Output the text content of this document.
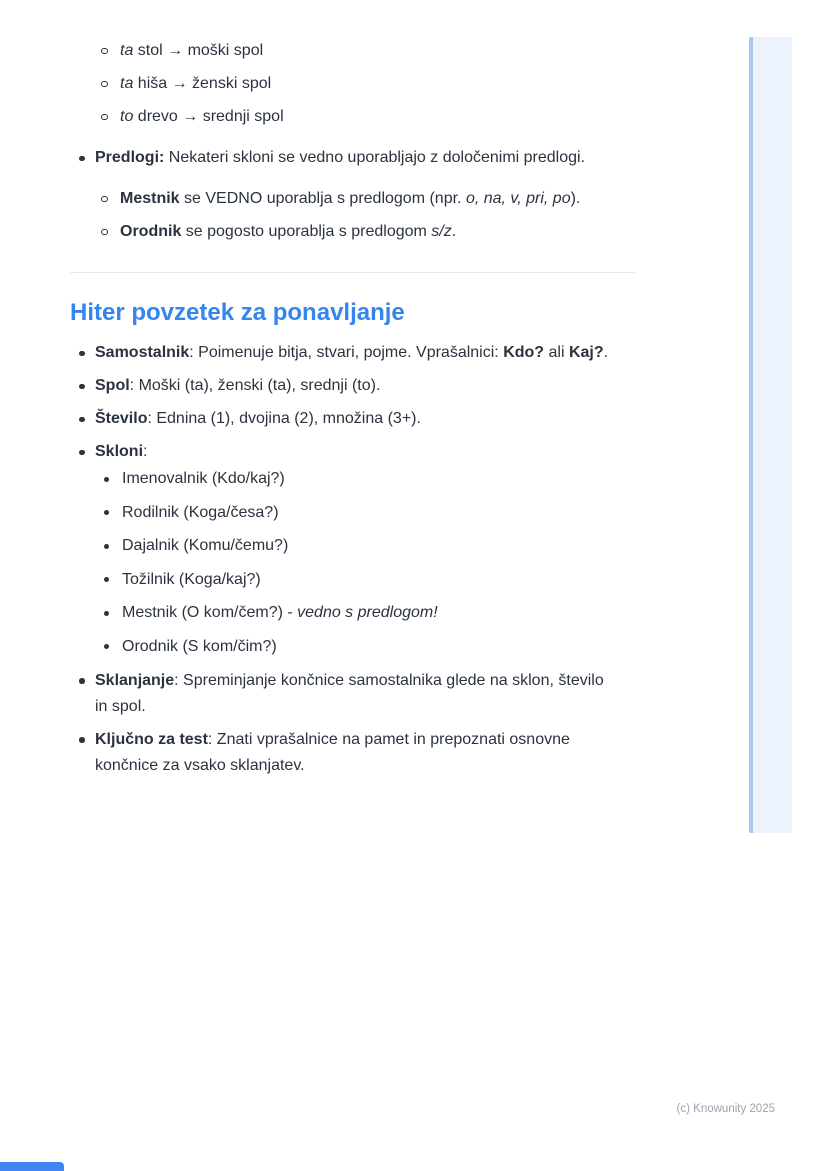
ta stol → moški spol
ta hiša → ženski spol
to drevo → srednji spol
Predlogi: Nekateri skloni se vedno uporabljajo z določenimi predlogi.
Mestnik se VEDNO uporablja s predlogom (npr. o, na, v, pri, po).
Orodnik se pogosto uporablja s predlogom s/z.
Hiter povzetek za ponavljanje
Samostalnik: Poimenuje bitja, stvari, pojme. Vprašalnici: Kdo? ali Kaj?.
Spol: Moški (ta), ženski (ta), srednji (to).
Število: Ednina (1), dvojina (2), množina (3+).
Skloni:
Imenovalnik (Kdo/kaj?)
Rodilnik (Koga/česa?)
Dajalnik (Komu/čemu?)
Tožilnik (Koga/kaj?)
Mestnik (O kom/čem?) - vedno s predlogom!
Orodnik (S kom/čim?)
Sklanjanje: Spreminjanje končnice samostalnika glede na sklon, število
in spol.
Ključno za test: Znati vprašalnice na pamet in prepoznati osnovne
končnice za vsako sklanjatev.
(c) Knowunity 2025
